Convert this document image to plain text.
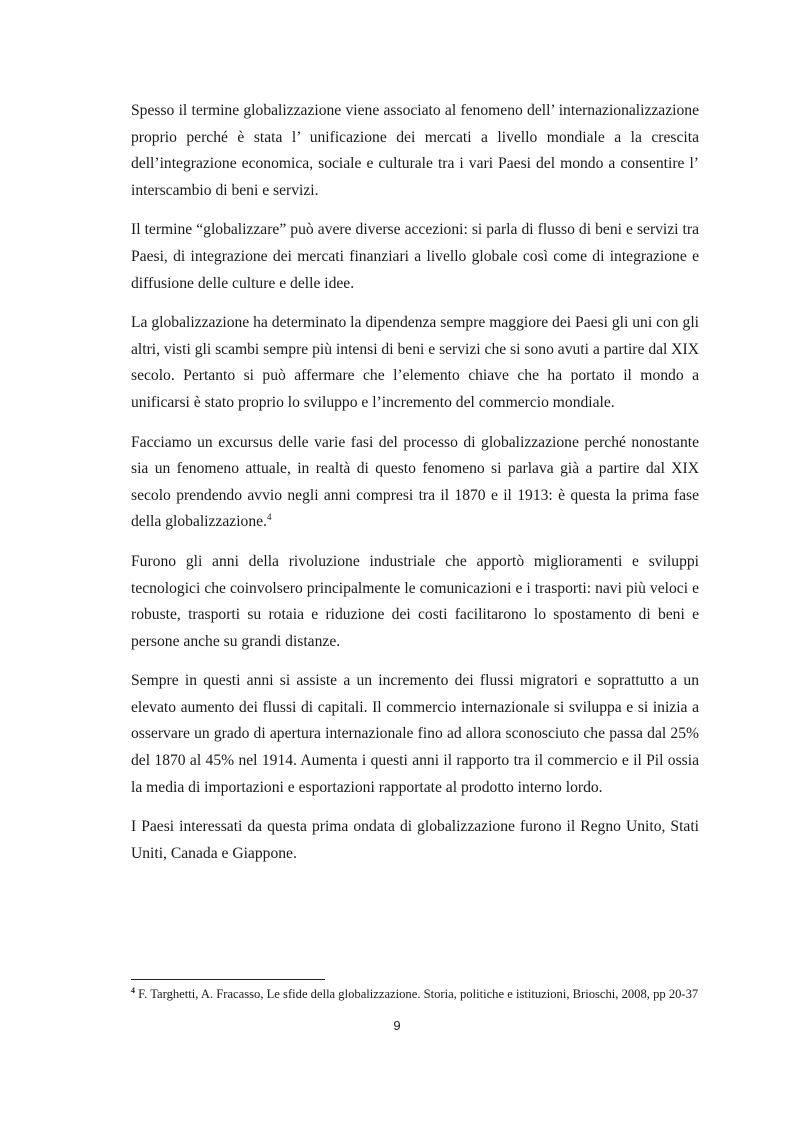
Spesso il termine globalizzazione viene associato al fenomeno dell’ internazionalizzazione proprio perché è stata l’ unificazione dei mercati a livello mondiale a la crescita dell’integrazione economica, sociale e culturale tra i vari Paesi del mondo a consentire l’ interscambio di beni e servizi.

Il termine “globalizzare” può avere diverse accezioni: si parla di flusso di beni e servizi tra Paesi, di integrazione dei mercati finanziari a livello globale così come di integrazione e diffusione delle culture e delle idee.

La globalizzazione ha determinato la dipendenza sempre maggiore dei Paesi gli uni con gli altri, visti gli scambi sempre più intensi di beni e servizi che si sono avuti a partire dal XIX secolo. Pertanto si può affermare che l’elemento chiave che ha portato il mondo a unificarsi è stato proprio lo sviluppo e l’incremento del commercio mondiale.

Facciamo un excursus delle varie fasi del processo di globalizzazione perché nonostante sia un fenomeno attuale, in realtà di questo fenomeno si parlava già a partire dal XIX secolo prendendo avvio negli anni compresi tra il 1870 e il 1913: è questa la prima fase della globalizzazione.$^4$

Furono gli anni della rivoluzione industriale che apportò miglioramenti e sviluppi tecnologici che coinvolsero principalmente le comunicazioni e i trasporti: navi più veloci e robuste, trasporti su rotaia e riduzione dei costi facilitarono lo spostamento di beni e persone anche su grandi distanze.

Sempre in questi anni si assiste a un incremento dei flussi migratori e soprattutto a un elevato aumento dei flussi di capitali. Il commercio internazionale si sviluppa e si inizia a osservare un grado di apertura internazionale fino ad allora sconosciuto che passa dal 25% del 1870 al 45% nel 1914. Aumenta i questi anni il rapporto tra il commercio e il Pil ossia la media di importazioni e esportazioni rapportate al prodotto interno lordo.

I Paesi interessati da questa prima ondata di globalizzazione furono il Regno Unito, Stati Uniti, Canada e Giappone.

$^4$ F. Targhetti, A. Fracasso, Le sfide della globalizzazione. Storia, politiche e istituzioni, Brioschi, 2008, pp 20-37
9
